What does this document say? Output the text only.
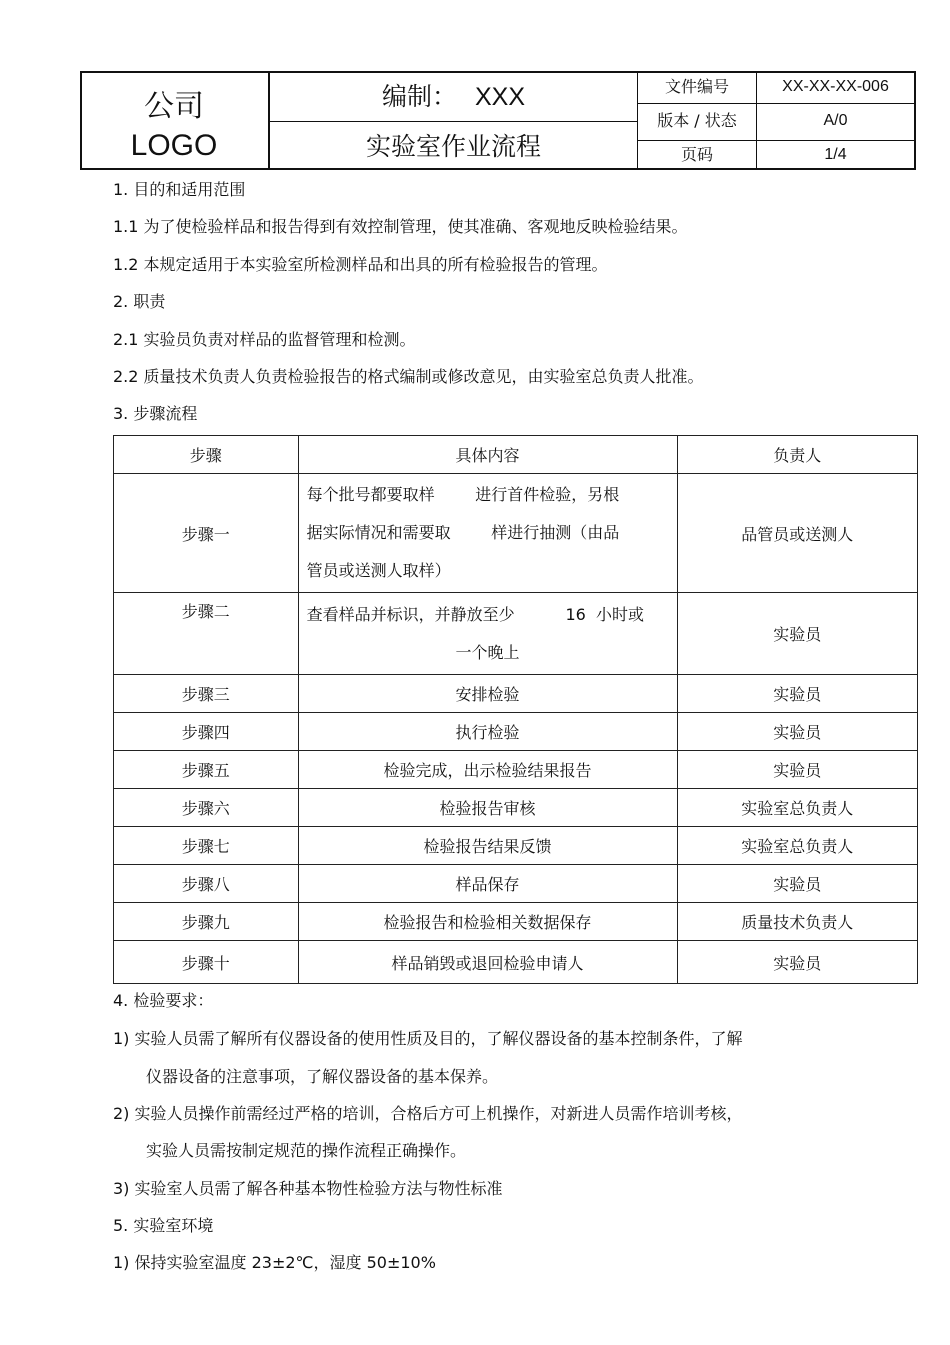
公司
LOGO
编制： XXX
实验室作业流程
文件编号	XX-XX-XX-006
版本 / 状态	A/0
页码	1/4
1. 目的和适用范围
1.1 为了使检验样品和报告得到有效控制管理，使其准确、客观地反映检验结果。
1.2 本规定适用于本实验室所检测样品和出具的所有检验报告的管理。
2. 职责
2.1 实验员负责对样品的监督管理和检测。
2.2 质量技术负责人负责检验报告的格式编制或修改意见，由实验室总负责人批准。
3. 步骤流程
步骤	具体内容	负责人
步骤一	每个批号都要取样        进行首件检验，另根
据实际情况和需要取        样进行抽测（由品
管员或送测人取样）	品管员或送测人
步骤二	查看样品并标识，并静放至少          16  小时或
一个晚上	实验员
步骤三	安排检验	实验员
步骤四	执行检验	实验员
步骤五	检验完成，出示检验结果报告	实验员
步骤六	检验报告审核	实验室总负责人
步骤七	检验报告结果反馈	实验室总负责人
步骤八	样品保存	实验员
步骤九	检验报告和检验相关数据保存	质量技术负责人
步骤十	样品销毁或退回检验申请人	实验员
4. 检验要求：
1) 实验人员需了解所有仪器设备的使用性质及目的，了解仪器设备的基本控制条件，了解
仪器设备的注意事项，了解仪器设备的基本保养。
2) 实验人员操作前需经过严格的培训，合格后方可上机操作，对新进人员需作培训考核，
实验人员需按制定规范的操作流程正确操作。
3) 实验室人员需了解各种基本物性检验方法与物性标准
5. 实验室环境
1) 保持实验室温度 23±2℃，湿度 50±10%
